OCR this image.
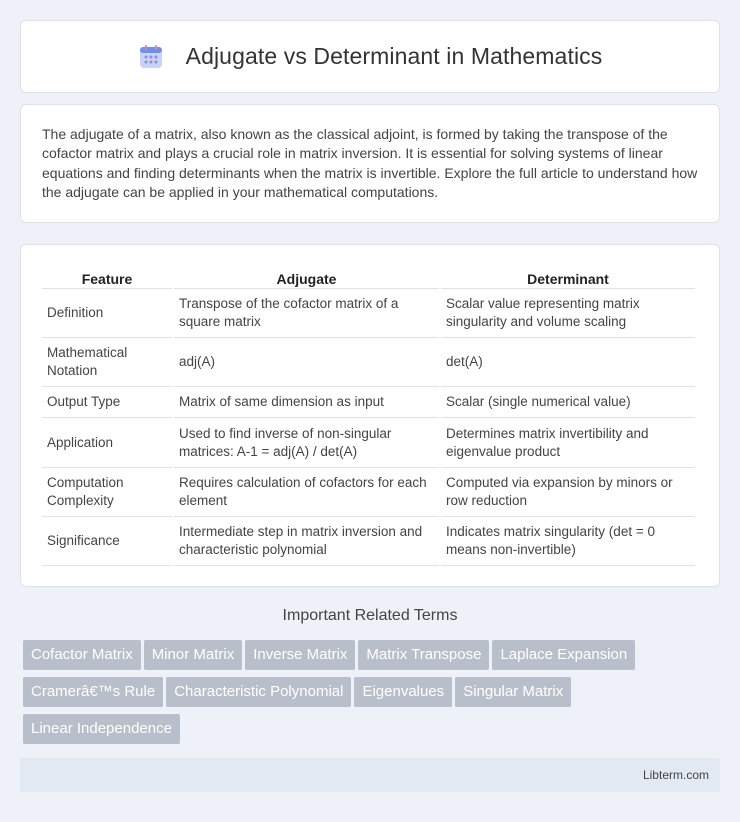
Adjugate vs Determinant in Mathematics

The adjugate of a matrix, also known as the classical adjoint, is formed by taking the transpose of the cofactor matrix and plays a crucial role in matrix inversion. It is essential for solving systems of linear equations and finding determinants when the matrix is invertible. Explore the full article to understand how the adjugate can be applied in your mathematical computations.

Feature	Adjugate	Determinant
Definition	Transpose of the cofactor matrix of a square matrix	Scalar value representing matrix singularity and volume scaling
Mathematical Notation	adj(A)	det(A)
Output Type	Matrix of same dimension as input	Scalar (single numerical value)
Application	Used to find inverse of non-singular matrices: A-1 = adj(A) / det(A)	Determines matrix invertibility and eigenvalue product
Computation Complexity	Requires calculation of cofactors for each element	Computed via expansion by minors or row reduction
Significance	Intermediate step in matrix inversion and characteristic polynomial	Indicates matrix singularity (det = 0 means non-invertible)
Important Related Terms
Cofactor Matrix Minor Matrix Inverse Matrix Matrix Transpose Laplace Expansion
Cramerâ€™s Rule Characteristic Polynomial Eigenvalues Singular Matrix
Linear Independence
Libterm.com
